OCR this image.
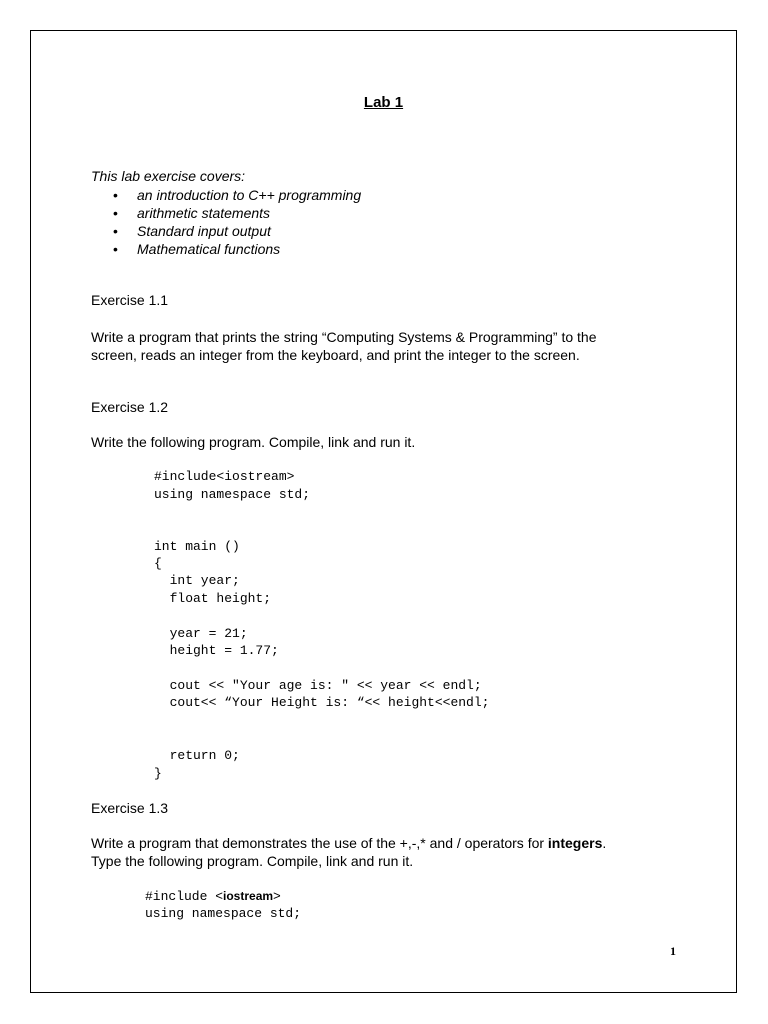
Lab 1
This lab exercise covers:
• an introduction to C++ programming
• arithmetic statements
• Standard input output
• Mathematical functions
Exercise 1.1
Write a program that prints the string “Computing Systems & Programming” to the
screen, reads an integer from the keyboard, and print the integer to the screen.
Exercise 1.2
Write the following program. Compile, link and run it.
#include<iostream>
using namespace std;
int main ()
{
int year;
float height;
year = 21;
height = 1.77;
cout << "Your age is: " << year << endl;
cout<< “Your Height is: “<< height<<endl;
return 0;
}
Exercise 1.3
Write a program that demonstrates the use of the +,-,* and / operators for integers.
Type the following program. Compile, link and run it.
#include <iostream>
using namespace std;
1
